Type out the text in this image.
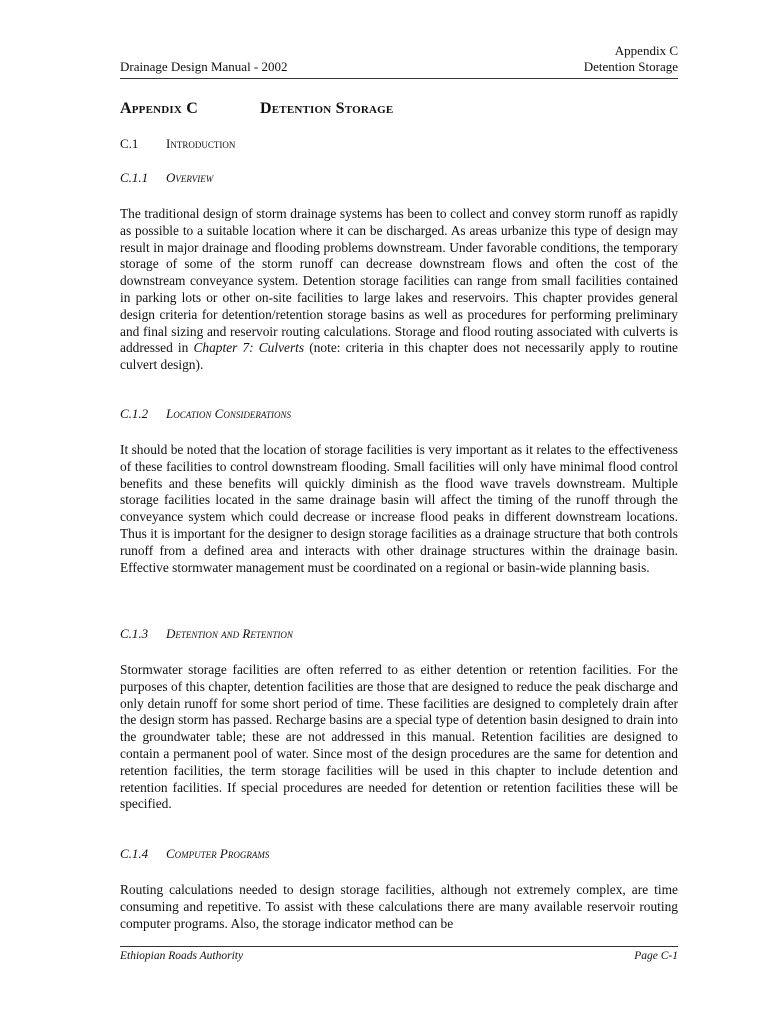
Drainage Design Manual - 2002
Appendix C
Detention Storage
Appendix C	Detention Storage
C.1 Introduction
C.1.1 Overview

The traditional design of storm drainage systems has been to collect and convey storm runoff as rapidly as possible to a suitable location where it can be discharged. As areas urbanize this type of design may result in major drainage and flooding problems downstream. Under favorable conditions, the temporary storage of some of the storm runoff can decrease downstream flows and often the cost of the downstream conveyance system. Detention storage facilities can range from small facilities contained in parking lots or other on-site facilities to large lakes and reservoirs. This chapter provides general design criteria for detention/retention storage basins as well as procedures for performing preliminary and final sizing and reservoir routing calculations. Storage and flood routing associated with culverts is addressed in Chapter 7: Culverts (note: criteria in this chapter does not necessarily apply to routine culvert design).

C.1.2 Location Considerations

It should be noted that the location of storage facilities is very important as it relates to the effectiveness of these facilities to control downstream flooding. Small facilities will only have minimal flood control benefits and these benefits will quickly diminish as the flood wave travels downstream. Multiple storage facilities located in the same drainage basin will affect the timing of the runoff through the conveyance system which could decrease or increase flood peaks in different downstream locations. Thus it is important for the designer to design storage facilities as a drainage structure that both controls runoff from a defined area and interacts with other drainage structures within the drainage basin. Effective stormwater management must be coordinated on a regional or basin-wide planning basis.

C.1.3 Detention and Retention

Stormwater storage facilities are often referred to as either detention or retention facilities. For the purposes of this chapter, detention facilities are those that are designed to reduce the peak discharge and only detain runoff for some short period of time. These facilities are designed to completely drain after the design storm has passed. Recharge basins are a special type of detention basin designed to drain into the groundwater table; these are not addressed in this manual. Retention facilities are designed to contain a permanent pool of water. Since most of the design procedures are the same for detention and retention facilities, the term storage facilities will be used in this chapter to include detention and retention facilities. If special procedures are needed for detention or retention facilities these will be specified.

C.1.4 Computer Programs

Routing calculations needed to design storage facilities, although not extremely complex, are time consuming and repetitive. To assist with these calculations there are many available reservoir routing computer programs. Also, the storage indicator method can be

Ethiopian Roads Authority	Page C-1
